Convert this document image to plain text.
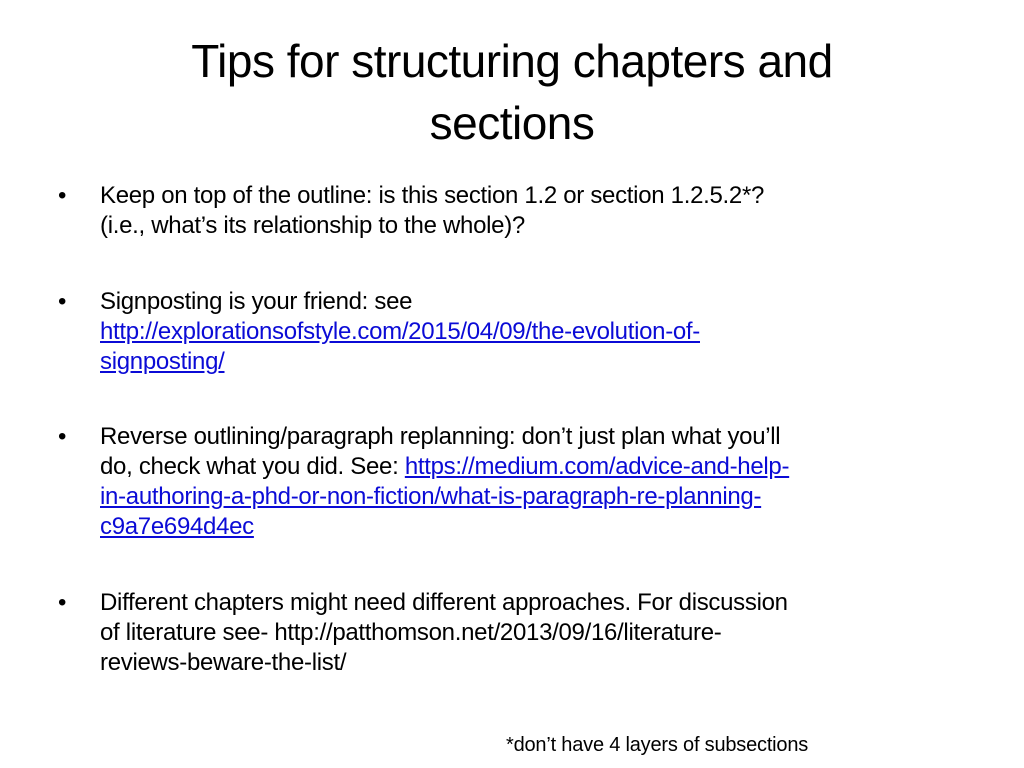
Tips for structuring chapters and
sections
• Keep on top of the outline: is this section 1.2 or section 1.2.5.2*?
(i.e., what’s its relationship to the whole)?
• Signposting is your friend: see
http://explorationsofstyle.com/2015/04/09/the-evolution-of-
signposting/
• Reverse outlining/paragraph replanning: don’t just plan what you’ll
do, check what you did. See: https://medium.com/advice-and-help-
in-authoring-a-phd-or-non-fiction/what-is-paragraph-re-planning-
c9a7e694d4ec
• Different chapters might need different approaches. For discussion
of literature see- http://patthomson.net/2013/09/16/literature-
reviews-beware-the-list/
*don’t have 4 layers of subsections
